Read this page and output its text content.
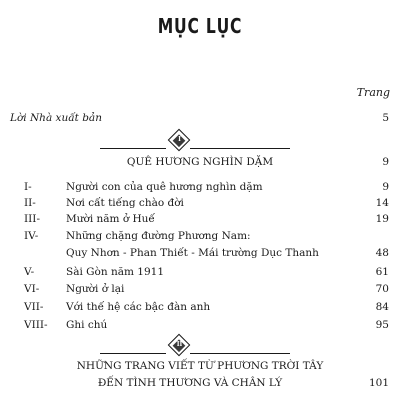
MỤC LỤC
Trang
Lời Nhà xuất bản	5
I
QUÊ HƯƠNG NGHÌN DẶM	9
I-	Người con của quê hương nghìn dặm	9
II-	Nơi cất tiếng chào đời	14
III- Mười năm ở Huế	19
IV-	Những chặng đường Phương Nam:
Quy Nhơn - Phan Thiết - Mái trường Dục Thanh	48
V-	Sài Gòn năm 1911	61
VI-	Người ở lại	70
VII- Với thế hệ các bậc đàn anh	84
VIII- Ghi chú	95
II
NHỮNG TRANG VIẾT TỪ PHƯƠNG TRỜI TÂY
ĐẾN TÌNH THƯƠNG VÀ CHÂN LÝ	101
